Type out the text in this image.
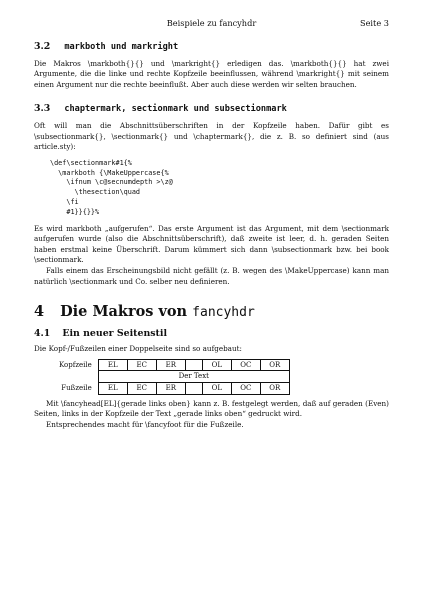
Beispiele zu fancyhdr	Seite 3
3.2 markboth und markright

Die Makros \markboth{}{} und \markright{} erledigen das. \markboth{}{} hat zwei Argumente, die die linke und rechte Kopfzeile beeinflussen, während \markright{} mit seinem einen Argument nur die rechte beeinflußt. Aber auch diese werden wir selten brauchen.

3.3 chaptermark, sectionmark und subsectionmark

Oft will man die Abschnittsüberschriften in der Kopfzeile haben. Dafür gibt es \subsectionmark{}, \sectionmark{} und \chaptermark{}, die z. B. so definiert sind (aus article.sty):

\def\sectionmark#1{%
\markboth {\MakeUppercase{%
\ifnum \c@secnumdepth >\z@
\thesection\quad
\fi
#1}}{}}%

Es wird markboth „aufgerufen“. Das erste Argument ist das Argument, mit dem \sectionmark aufgerufen wurde (also die Abschnittsüberschrift), daß zweite ist leer, d. h. geraden Seiten haben erstmal keine Überschrift. Darum kümmert sich dann \subsectionmark bzw. bei book \sectionmark.

Falls einem das Erscheinungsbild nicht gefällt (z. B. wegen des \MakeUppercase) kann man natürlich \sectionmark und Co. selber neu definieren.

4 Die Makros von fancyhdr
4.1 Ein neuer Seitenstil

Die Kopf-/Fußzeilen einer Doppelseite sind so aufgebaut:

Kopfzeile	EL	EC	ER		OL	OC	OR
	Der Text						
Fußzeile	EL	EC	ER		OL	OC	OR

Mit \fancyhead[EL]{gerade links oben} kann z. B. festgelegt werden, daß auf geraden (Even) Seiten, links in der Kopfzeile der Text „gerade links oben“ gedruckt wird.

Entsprechendes macht für \fancyfoot für die Fußzeile.
